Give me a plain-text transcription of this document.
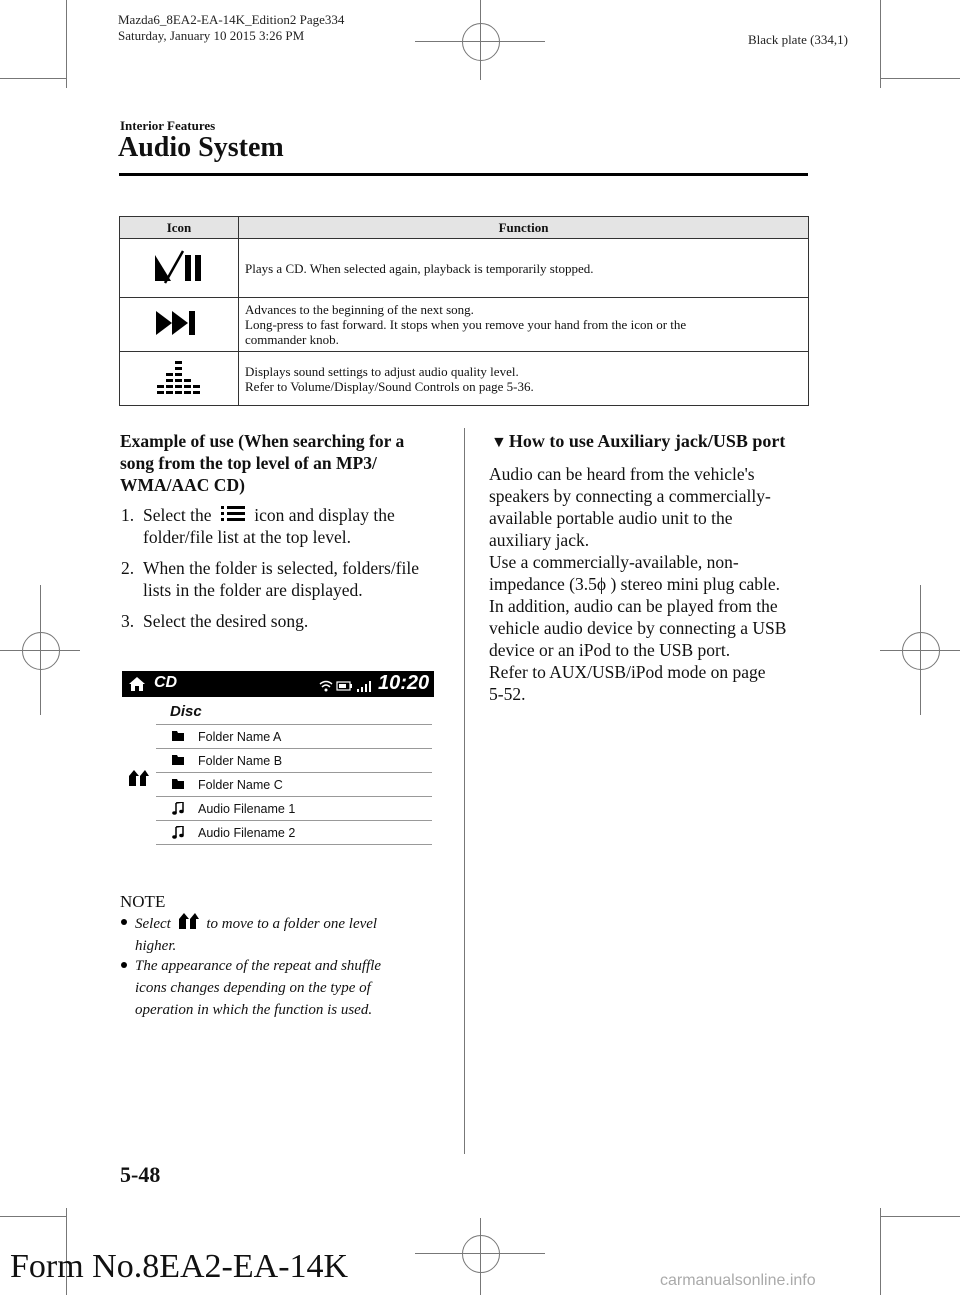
Mazda6_8EA2-EA-14K_Edition2 Page334
Saturday, January 10 2015 3:26 PM	Black plate (334,1)
Interior Features
Audio System
Icon	Function

Plays a CD. When selected again, playback is temporarily stopped.

Advances to the beginning of the next song.
Long-press to fast forward. It stops when you remove your hand from the icon or the
commander knob.

Displays sound settings to adjust audio quality level.
Refer to Volume/Display/Sound Controls on page 5-36.
Example of use (When searching for a
song from the top level of an MP3/
WMA/AAC CD)
1. Select the icon and display the
folder/file list at the top level.
2. When the folder is selected, folders/file
lists in the folder are displayed.
3. Select the desired song.
CD	10:20
Disc
Folder Name A
Folder Name B
Folder Name C
Audio Filename 1
Audio Filename 2
NOTE
Select to move to a folder one level
higher.
The appearance of the repeat and shuffle
icons changes depending on the type of
operation in which the function is used.
▼ How to use Auxiliary jack/USB port
Audio can be heard from the vehicle's
speakers by connecting a commercially-
available portable audio unit to the
auxiliary jack.
Use a commercially-available, non-
impedance (3.5ϕ ) stereo mini plug cable.
In addition, audio can be played from the
vehicle audio device by connecting a USB
device or an iPod to the USB port.
Refer to AUX/USB/iPod mode on page
5-52.
5-48
Form No.8EA2-EA-14K	carmanualsonline.info
